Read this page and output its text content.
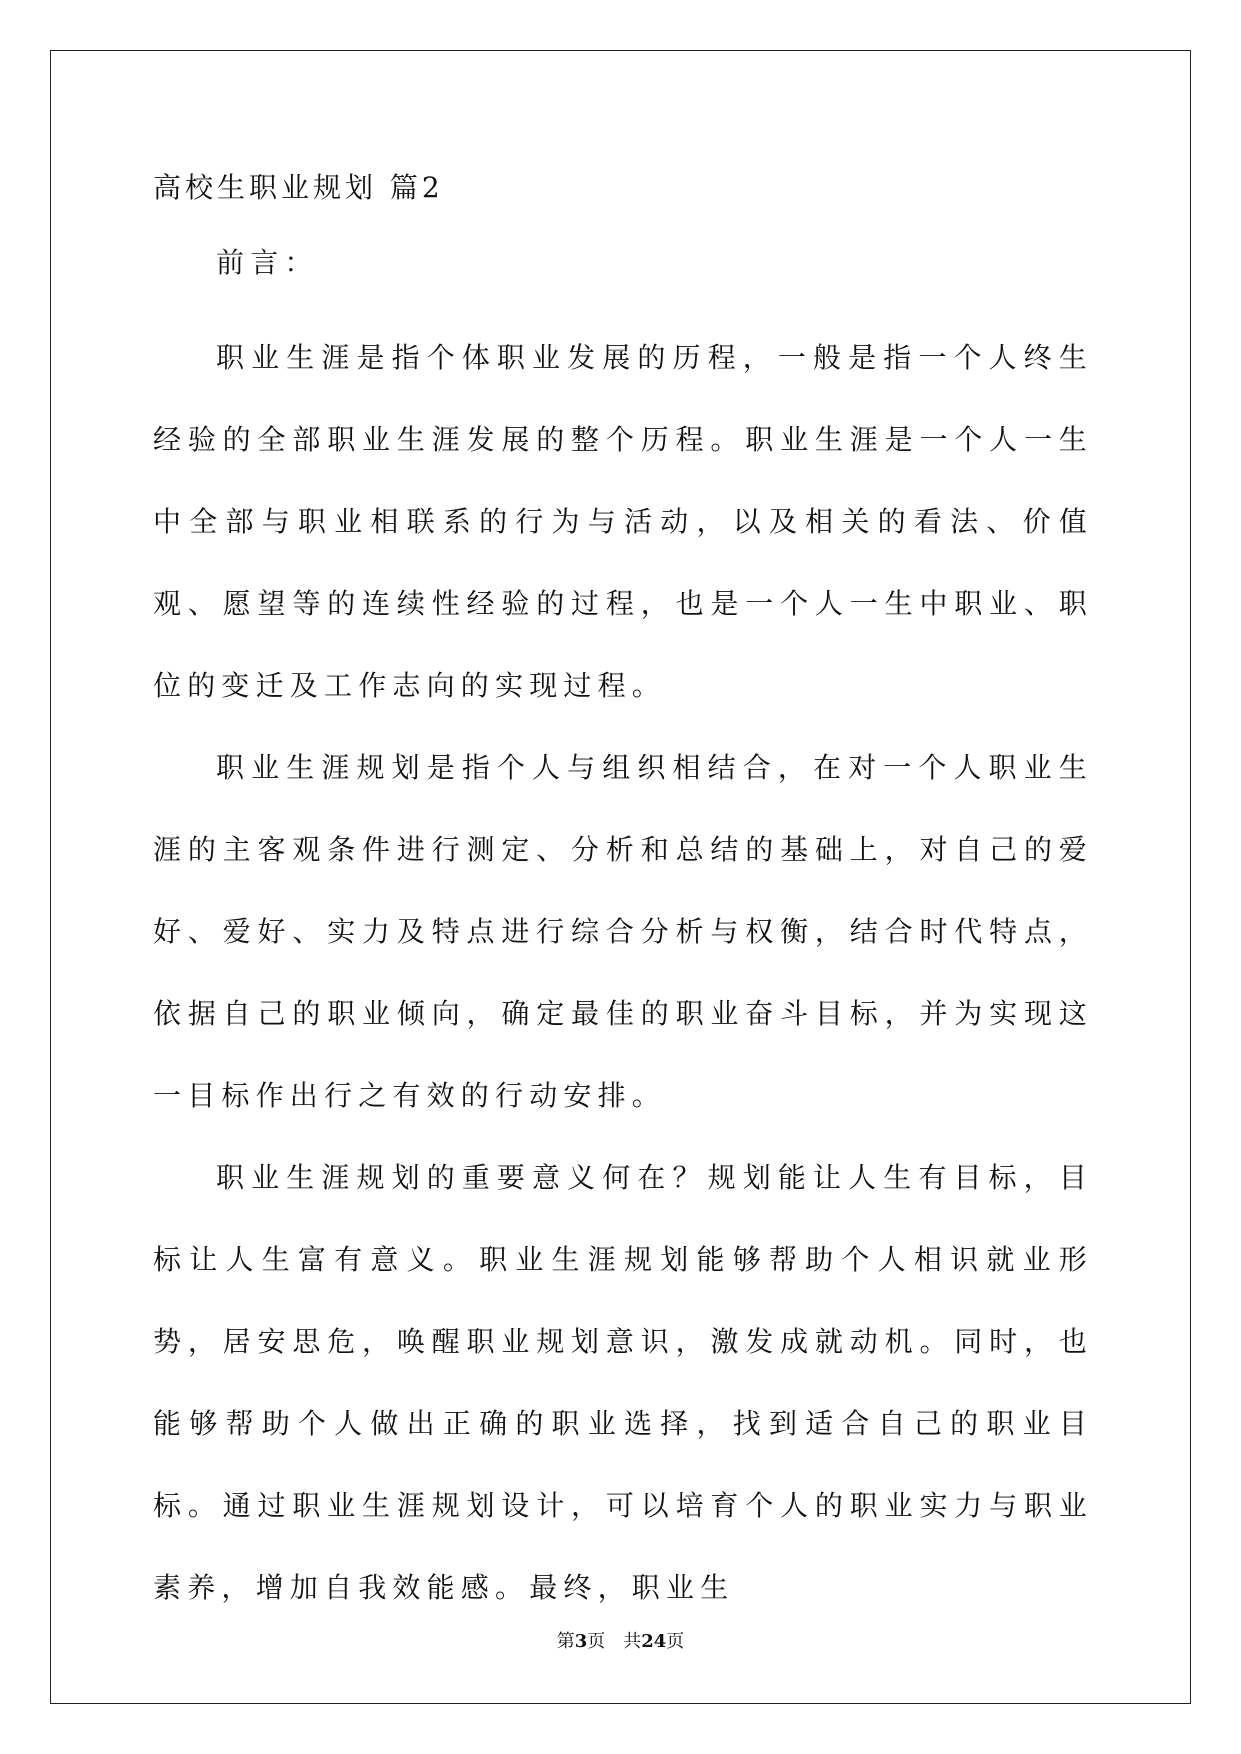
高校生职业规划 篇2
前言：
职业生涯是指个体职业发展的历程，一般是指一个人终生经验的全部职业生涯发展的整个历程。职业生涯是一个人一生中全部与职业相联系的行为与活动，以及相关的看法、价值观、愿望等的连续性经验的过程，也是一个人一生中职业、职位的变迁及工作志向的实现过程。
职业生涯规划是指个人与组织相结合，在对一个人职业生涯的主客观条件进行测定、分析和总结的基础上，对自己的爱好、爱好、实力及特点进行综合分析与权衡，结合时代特点，依据自己的职业倾向，确定最佳的职业奋斗目标，并为实现这一目标作出行之有效的行动安排。
职业生涯规划的重要意义何在？规划能让人生有目标，目标让人生富有意义。职业生涯规划能够帮助个人相识就业形势，居安思危，唤醒职业规划意识，激发成就动机。同时，也能够帮助个人做出正确的职业选择，找到适合自己的职业目标。通过职业生涯规划设计，可以培育个人的职业实力与职业素养，增加自我效能感。最终，职业生
第3页　共24页
